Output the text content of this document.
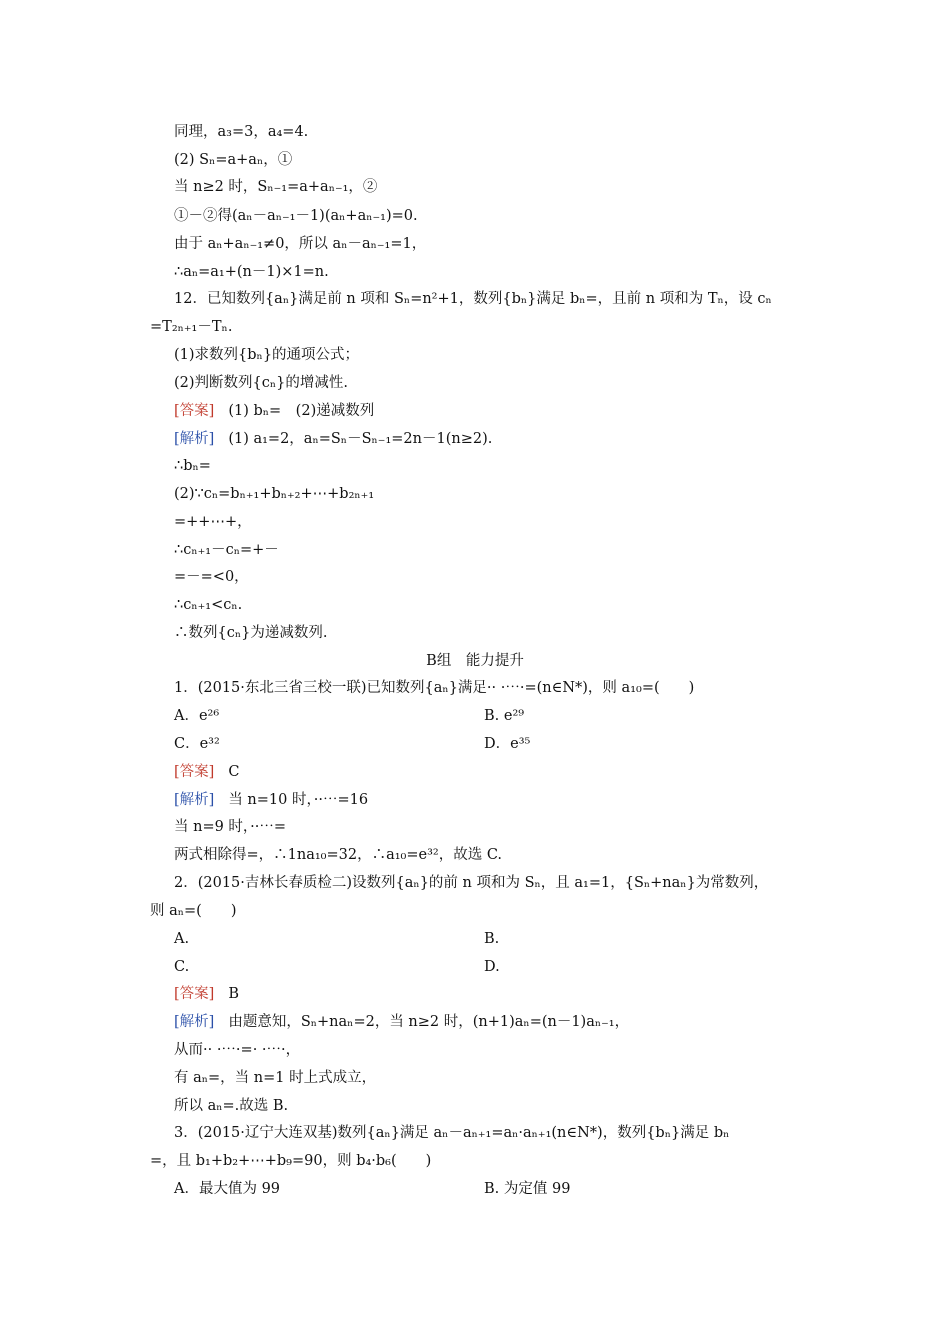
同理，a₃=3，a₄=4.
(2) Sₙ=a+aₙ，①
当 n≥2 时，Sₙ₋₁=a+aₙ₋₁，②
①－②得(aₙ－aₙ₋₁－1)(aₙ+aₙ₋₁)=0.
由于 aₙ+aₙ₋₁≠0，所以 aₙ－aₙ₋₁=1，
∴aₙ=a₁+(n－1)×1=n.
12．已知数列{aₙ}满足前 n 项和 Sₙ=n²+1，数列{bₙ}满足 bₙ=，且前 n 项和为 Tₙ，设 cₙ
=T₂ₙ₊₁－Tₙ.
(1)求数列{bₙ}的通项公式；
(2)判断数列{cₙ}的增减性.
[答案] (1) bₙ=　(2)递减数列
[解析] (1) a₁=2，aₙ=Sₙ－Sₙ₋₁=2n－1(n≥2).
∴bₙ=
(2)∵cₙ=bₙ₊₁+bₙ₊₂+⋯+b₂ₙ₊₁
=++⋯+，
∴cₙ₊₁－cₙ=+－
=－=<0，
∴cₙ₊₁<cₙ.
∴数列{cₙ}为递减数列.
B组　能力提升
1．(2015·东北三省三校一联)已知数列{aₙ}满足·· ·⋯·=(n∈N*)，则 a₁₀=(　　)
A．e²⁶	B. e²⁹
C．e³²	D．e³⁵
[答案] C
[解析] 当 n=10 时，··⋯=16
当 n=9 时，··⋯=
两式相除得=，∴1na₁₀=32，∴a₁₀=e³²，故选 C.
2．(2015·吉林长春质检二)设数列{aₙ}的前 n 项和为 Sₙ，且 a₁=1，{Sₙ+naₙ}为常数列，
则 aₙ=(　　)
A.	B.
C.	D.
[答案] B
[解析] 由题意知，Sₙ+naₙ=2，当 n≥2 时，(n+1)aₙ=(n－1)aₙ₋₁，
从而·· ·⋯·=· ·⋯·，
有 aₙ=，当 n=1 时上式成立，
所以 aₙ=.故选 B.
3．(2015·辽宁大连双基)数列{aₙ}满足 aₙ－aₙ₊₁=aₙ·aₙ₊₁(n∈N*)，数列{bₙ}满足 bₙ
=，且 b₁+b₂+⋯+b₉=90，则 b₄·b₆(　　)
A．最大值为 99	B. 为定值 99
